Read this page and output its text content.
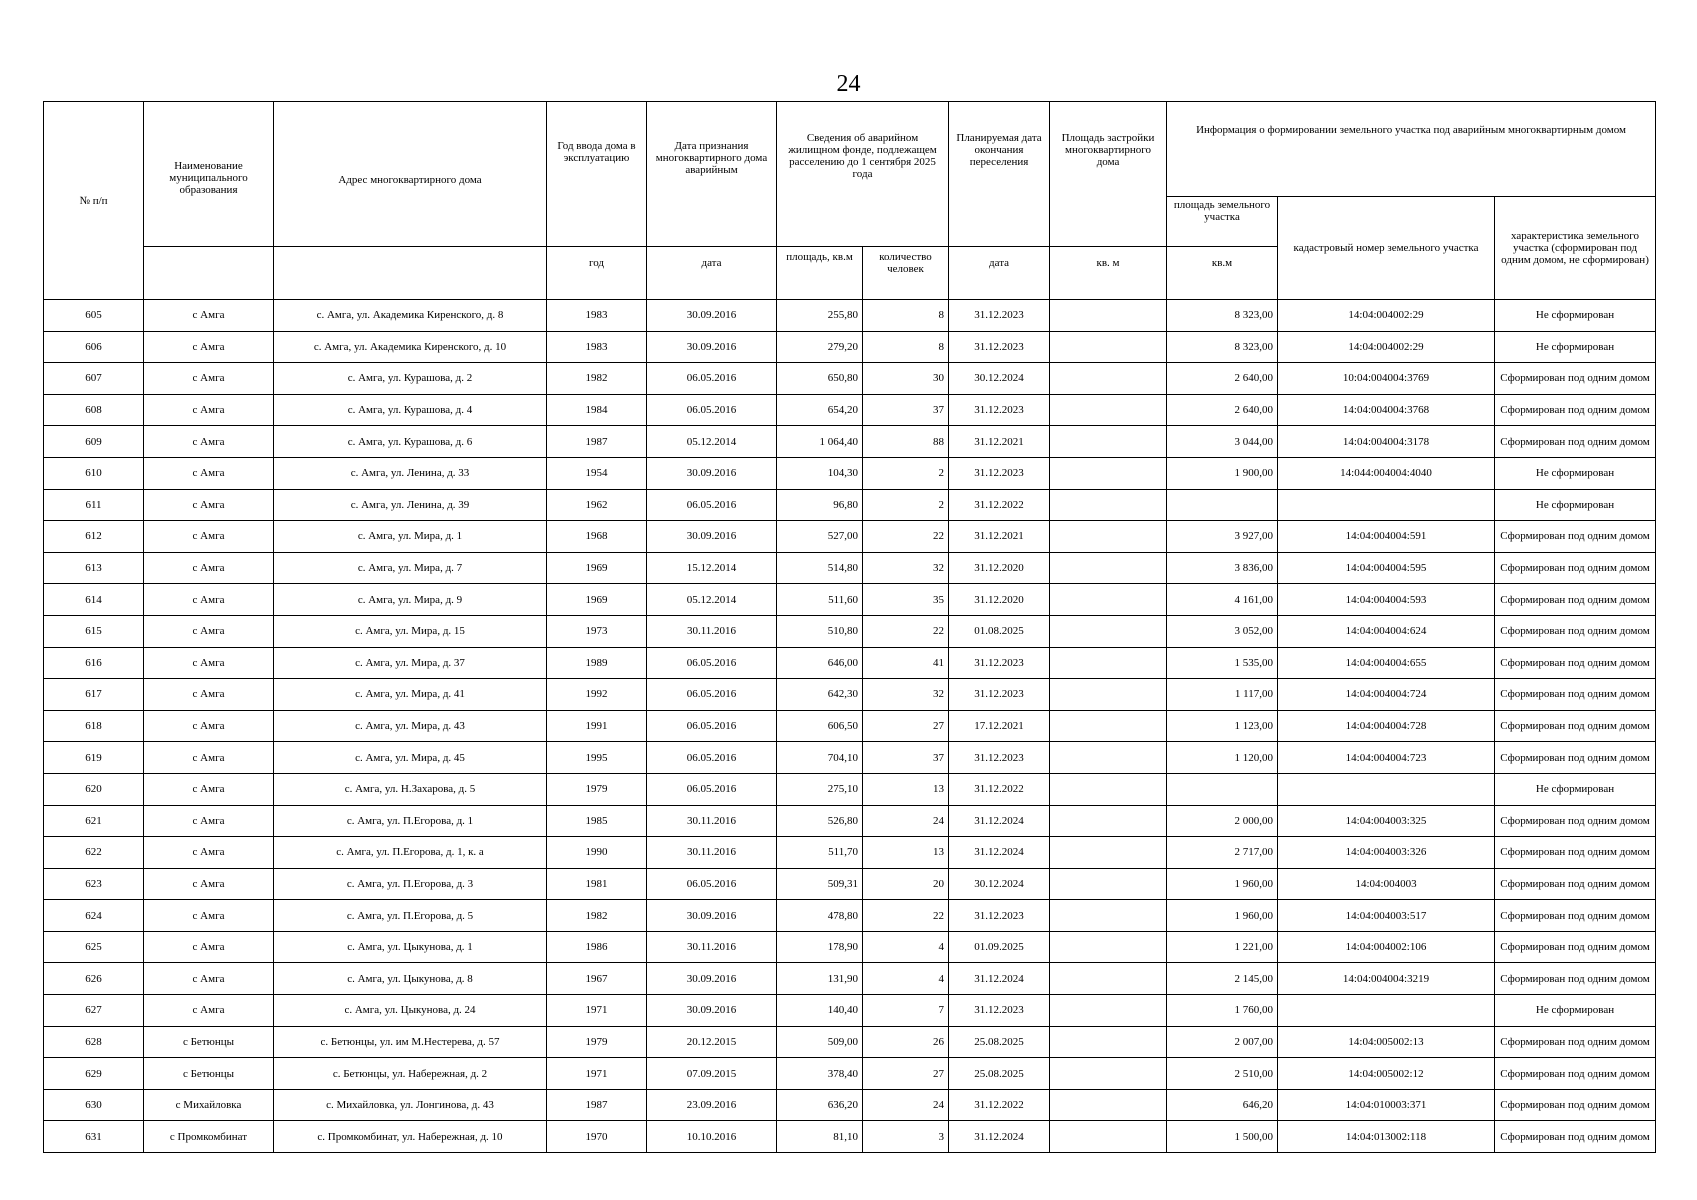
24
№ п/п	Наименование муниципального образования	Адрес многоквартирного дома	Год ввода дома в эксплуатацию	Дата признания многоквартирного дома аварийным	Сведения об аварийном жилищном фонде, подлежащем расселению до 1 сентября 2025 года		Планируемая дата окончания переселения	Площадь застройки многоквартирного дома	Информация о формировании земельного участка под аварийным многоквартирным домом		
									площадь земельного участка	кадастровый номер земельного участка	характеристика земельного участка (сформирован под одним домом, не сформирован)
			год	дата	площадь, кв.м	количество человек	дата	кв. м	кв.м		
605	с Амга	с. Амга, ул. Академика Киренского, д. 8	1983	30.09.2016	255,80	8	31.12.2023		8 323,00	14:04:004002:29	Не сформирован
606	с Амга	с. Амга, ул. Академика Киренского, д. 10	1983	30.09.2016	279,20	8	31.12.2023		8 323,00	14:04:004002:29	Не сформирован
607	с Амга	с. Амга, ул. Курашова, д. 2	1982	06.05.2016	650,80	30	30.12.2024		2 640,00	10:04:004004:3769	Сформирован под одним домом
608	с Амга	с. Амга, ул. Курашова, д. 4	1984	06.05.2016	654,20	37	31.12.2023		2 640,00	14:04:004004:3768	Сформирован под одним домом
609	с Амга	с. Амга, ул. Курашова, д. 6	1987	05.12.2014	1 064,40	88	31.12.2021		3 044,00	14:04:004004:3178	Сформирован под одним домом
610	с Амга	с. Амга, ул. Ленина, д. 33	1954	30.09.2016	104,30	2	31.12.2023		1 900,00	14:044:004004:4040	Не сформирован
611	с Амга	с. Амга, ул. Ленина, д. 39	1962	06.05.2016	96,80	2	31.12.2022				Не сформирован
612	с Амга	с. Амга, ул. Мира, д. 1	1968	30.09.2016	527,00	22	31.12.2021		3 927,00	14:04:004004:591	Сформирован под одним домом
613	с Амга	с. Амга, ул. Мира, д. 7	1969	15.12.2014	514,80	32	31.12.2020		3 836,00	14:04:004004:595	Сформирован под одним домом
614	с Амга	с. Амга, ул. Мира, д. 9	1969	05.12.2014	511,60	35	31.12.2020		4 161,00	14:04:004004:593	Сформирован под одним домом
615	с Амга	с. Амга, ул. Мира, д. 15	1973	30.11.2016	510,80	22	01.08.2025		3 052,00	14:04:004004:624	Сформирован под одним домом
616	с Амга	с. Амга, ул. Мира, д. 37	1989	06.05.2016	646,00	41	31.12.2023		1 535,00	14:04:004004:655	Сформирован под одним домом
617	с Амга	с. Амга, ул. Мира, д. 41	1992	06.05.2016	642,30	32	31.12.2023		1 117,00	14:04:004004:724	Сформирован под одним домом
618	с Амга	с. Амга, ул. Мира, д. 43	1991	06.05.2016	606,50	27	17.12.2021		1 123,00	14:04:004004:728	Сформирован под одним домом
619	с Амга	с. Амга, ул. Мира, д. 45	1995	06.05.2016	704,10	37	31.12.2023		1 120,00	14:04:004004:723	Сформирован под одним домом
620	с Амга	с. Амга, ул. Н.Захарова, д. 5	1979	06.05.2016	275,10	13	31.12.2022				Не сформирован
621	с Амга	с. Амга, ул. П.Егорова, д. 1	1985	30.11.2016	526,80	24	31.12.2024		2 000,00	14:04:004003:325	Сформирован под одним домом
622	с Амга	с. Амга, ул. П.Егорова, д. 1, к. а	1990	30.11.2016	511,70	13	31.12.2024		2 717,00	14:04:004003:326	Сформирован под одним домом
623	с Амга	с. Амга, ул. П.Егорова, д. 3	1981	06.05.2016	509,31	20	30.12.2024		1 960,00	14:04:004003	Сформирован под одним домом
624	с Амга	с. Амга, ул. П.Егорова, д. 5	1982	30.09.2016	478,80	22	31.12.2023		1 960,00	14:04:004003:517	Сформирован под одним домом
625	с Амга	с. Амга, ул. Цыкунова, д. 1	1986	30.11.2016	178,90	4	01.09.2025		1 221,00	14:04:004002:106	Сформирован под одним домом
626	с Амга	с. Амга, ул. Цыкунова, д. 8	1967	30.09.2016	131,90	4	31.12.2024		2 145,00	14:04:004004:3219	Сформирован под одним домом
627	с Амга	с. Амга, ул. Цыкунова, д. 24	1971	30.09.2016	140,40	7	31.12.2023		1 760,00		Не сформирован
628	с Бетюнцы	с. Бетюнцы, ул. им М.Нестерева, д. 57	1979	20.12.2015	509,00	26	25.08.2025		2 007,00	14:04:005002:13	Сформирован под одним домом
629	с Бетюнцы	с. Бетюнцы, ул. Набережная, д. 2	1971	07.09.2015	378,40	27	25.08.2025		2 510,00	14:04:005002:12	Сформирован под одним домом
630	с Михайловка	с. Михайловка, ул. Лонгинова, д. 43	1987	23.09.2016	636,20	24	31.12.2022		646,20	14:04:010003:371	Сформирован под одним домом
631	с Промкомбинат	с. Промкомбинат, ул. Набережная, д. 10	1970	10.10.2016	81,10	3	31.12.2024		1 500,00	14:04:013002:118	Сформирован под одним домом
